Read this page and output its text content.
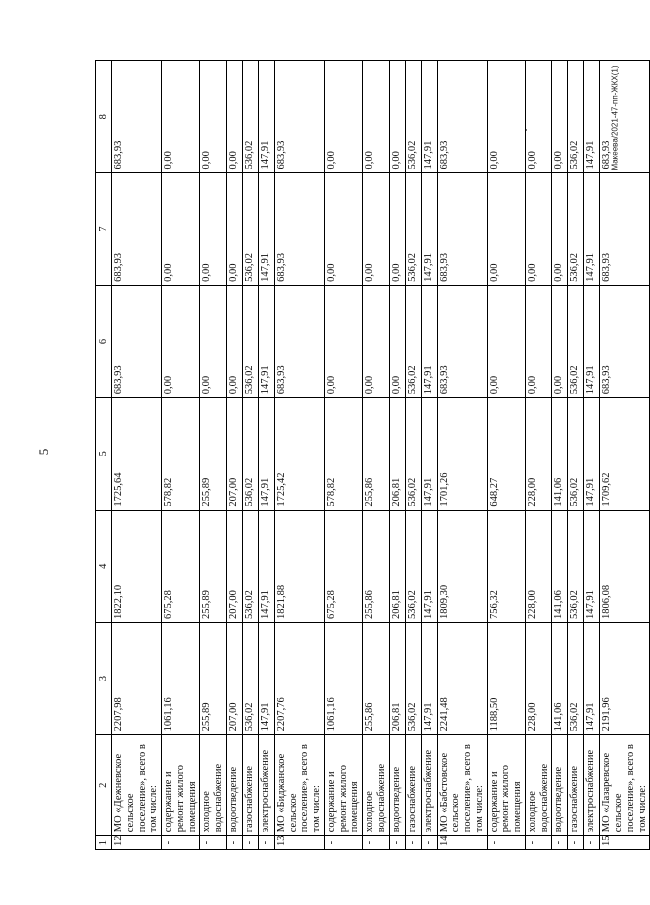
5
Макеева/2021-47-пп-ЖКХ(1)
1	2	3	4	5	6	7	8
12	МО «Дежневское сельское поселение», всего в том числе:	2207,98	1822,10	1725,64	683,93	683,93	683,93
-	содержание и ремонт жилого помещения	1061,16	675,28	578,82	0,00	0,00	0,00
-	холодное водоснабжение	255,89	255,89	255,89	0,00	0,00	0,00
-	водоотведение	207,00	207,00	207,00	0,00	0,00	0,00
-	газоснабжение	536,02	536,02	536,02	536,02	536,02	536,02
-	электроснабжение	147,91	147,91	147,91	147,91	147,91	147,91
13	МО «Биджанское сельское поселение», всего в том числе:	2207,76	1821,88	1725,42	683,93	683,93	683,93
-	содержание и ремонт жилого помещения	1061,16	675,28	578,82	0,00	0,00	0,00
-	холодное водоснабжение	255,86	255,86	255,86	0,00	0,00	0,00
-	водоотведение	206,81	206,81	206,81	0,00	0,00	0,00
-	газоснабжение	536,02	536,02	536,02	536,02	536,02	536,02
-	электроснабжение	147,91	147,91	147,91	147,91	147,91	147,91
14	МО «Бабстовское сельское поселение», всего в том числе:	2241,48	1809,30	1701,26	683,93	683,93	683,93
-	содержание и ремонт жилого помещения	1188,50	756,32	648,27	0,00	0,00	0,00
-	холодное водоснабжение	228,00	228,00	228,00	0,00	0,00	0,00
-	водоотведение	141,06	141,06	141,06	0,00	0,00	0,00
-	газоснабжение	536,02	536,02	536,02	536,02	536,02	536,02
-	электроснабжение	147,91	147,91	147,91	147,91	147,91	147,91
15	МО «Лазаревское сельское поселение», всего в том числе:	2191,96	1806,08	1709,62	683,93	683,93	683,93
